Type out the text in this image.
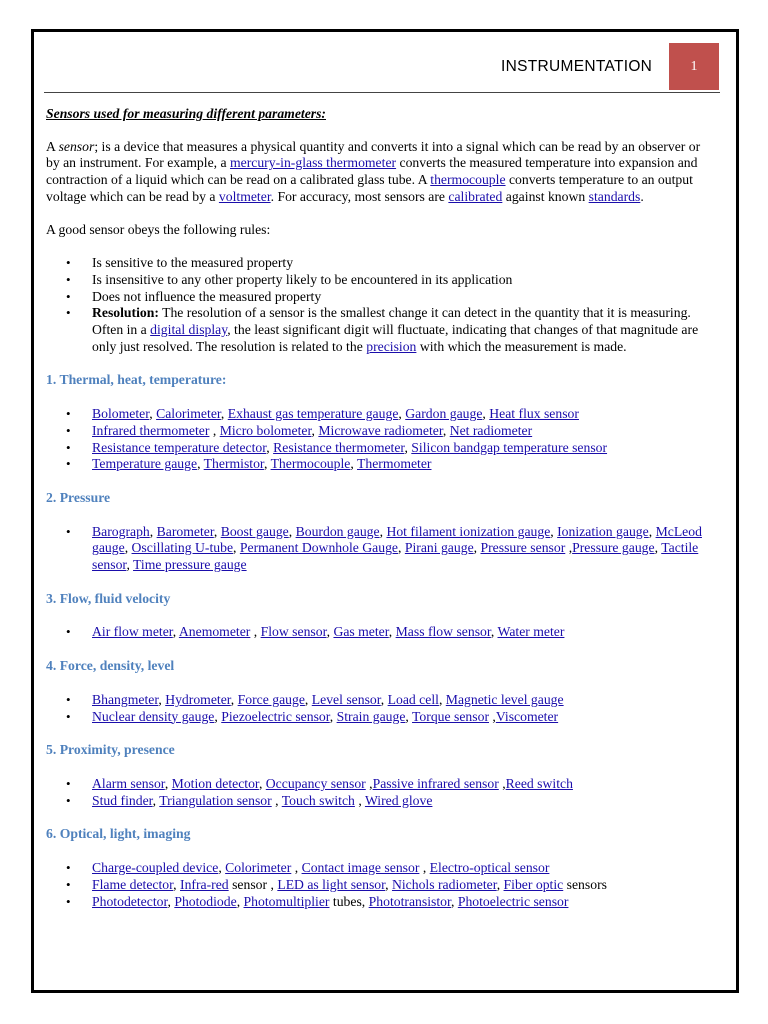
INSTRUMENTATION	1

Sensors used for measuring different parameters:

A sensor; is a device that measures a physical quantity and converts it into a signal which can be read by an observer or by an instrument. For example, a mercury-in-glass thermometer converts the measured temperature into expansion and contraction of a liquid which can be read on a calibrated glass tube. A thermocouple converts temperature to an output voltage which can be read by a voltmeter. For accuracy, most sensors are calibrated against known standards.

A good sensor obeys the following rules:

• Is sensitive to the measured property
• Is insensitive to any other property likely to be encountered in its application
• Does not influence the measured property
• Resolution: The resolution of a sensor is the smallest change it can detect in the quantity that it is measuring. Often in a digital display, the least significant digit will fluctuate, indicating that changes of that magnitude are only just resolved. The resolution is related to the precision with which the measurement is made.

1. Thermal, heat, temperature:

• Bolometer, Calorimeter, Exhaust gas temperature gauge, Gardon gauge, Heat flux sensor
• Infrared thermometer , Micro bolometer, Microwave radiometer, Net radiometer
• Resistance temperature detector, Resistance thermometer, Silicon bandgap temperature sensor
• Temperature gauge, Thermistor, Thermocouple, Thermometer

2. Pressure

• Barograph, Barometer, Boost gauge, Bourdon gauge, Hot filament ionization gauge, Ionization gauge, McLeod gauge, Oscillating U-tube, Permanent Downhole Gauge, Pirani gauge, Pressure sensor ,Pressure gauge, Tactile sensor, Time pressure gauge

3. Flow, fluid velocity

• Air flow meter, Anemometer , Flow sensor, Gas meter, Mass flow sensor, Water meter

4. Force, density, level

• Bhangmeter, Hydrometer, Force gauge, Level sensor, Load cell, Magnetic level gauge
• Nuclear density gauge, Piezoelectric sensor, Strain gauge, Torque sensor ,Viscometer

5. Proximity, presence

• Alarm sensor, Motion detector, Occupancy sensor ,Passive infrared sensor ,Reed switch
• Stud finder, Triangulation sensor , Touch switch , Wired glove

6. Optical, light, imaging

• Charge-coupled device, Colorimeter , Contact image sensor , Electro-optical sensor
• Flame detector, Infra-red sensor , LED as light sensor, Nichols radiometer, Fiber optic sensors
• Photodetector, Photodiode, Photomultiplier tubes, Phototransistor, Photoelectric sensor
